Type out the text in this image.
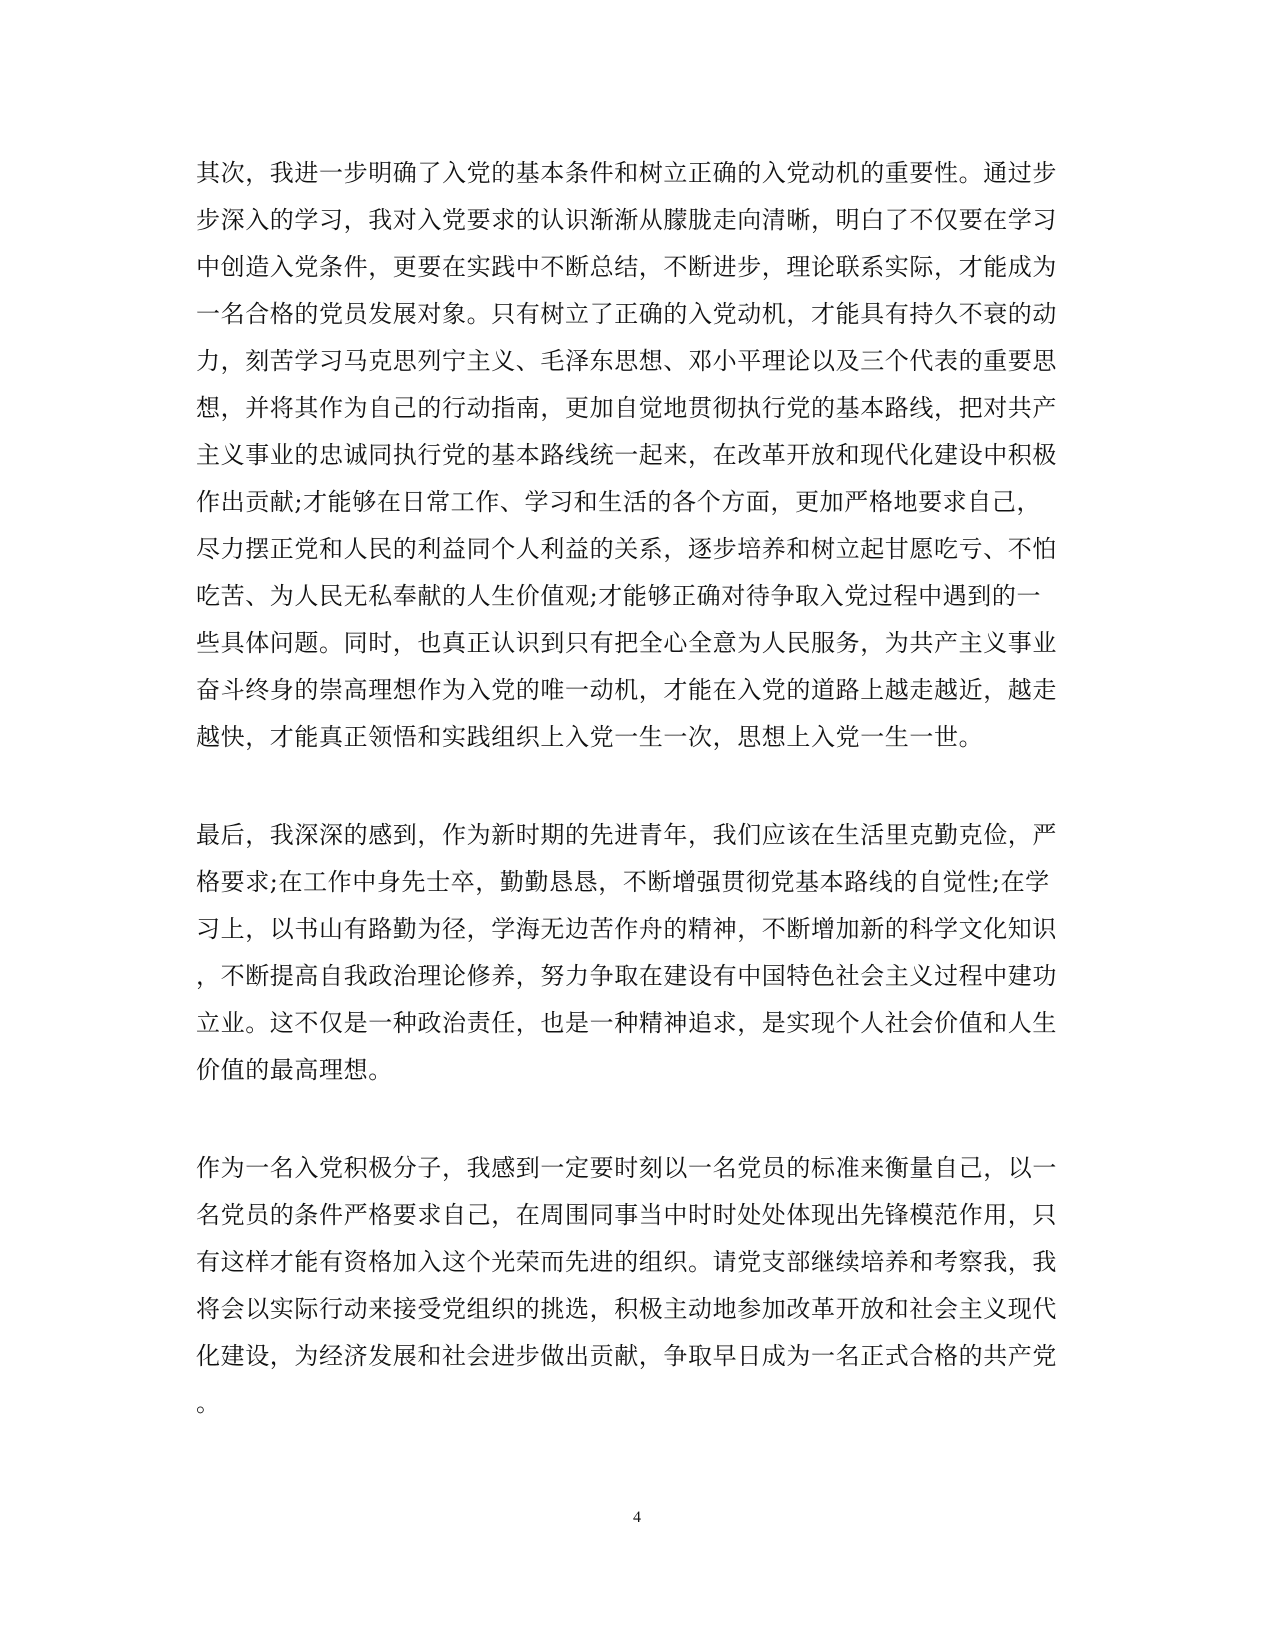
其次，我进一步明确了入党的基本条件和树立正确的入党动机的重要性。通过步
步深入的学习，我对入党要求的认识渐渐从朦胧走向清晰，明白了不仅要在学习
中创造入党条件，更要在实践中不断总结，不断进步，理论联系实际，才能成为
一名合格的党员发展对象。只有树立了正确的入党动机，才能具有持久不衰的动
力，刻苦学习马克思列宁主义、毛泽东思想、邓小平理论以及三个代表的重要思
想，并将其作为自己的行动指南，更加自觉地贯彻执行党的基本路线，把对共产
主义事业的忠诚同执行党的基本路线统一起来，在改革开放和现代化建设中积极
作出贡献;才能够在日常工作、学习和生活的各个方面，更加严格地要求自己，
尽力摆正党和人民的利益同个人利益的关系，逐步培养和树立起甘愿吃亏、不怕
吃苦、为人民无私奉献的人生价值观;才能够正确对待争取入党过程中遇到的一
些具体问题。同时，也真正认识到只有把全心全意为人民服务，为共产主义事业
奋斗终身的崇高理想作为入党的唯一动机，才能在入党的道路上越走越近，越走
越快，才能真正领悟和实践组织上入党一生一次，思想上入党一生一世。
最后，我深深的感到，作为新时期的先进青年，我们应该在生活里克勤克俭，严
格要求;在工作中身先士卒，勤勤恳恳，不断增强贯彻党基本路线的自觉性;在学
习上，以书山有路勤为径，学海无边苦作舟的精神，不断增加新的科学文化知识
，不断提高自我政治理论修养，努力争取在建设有中国特色社会主义过程中建功
立业。这不仅是一种政治责任，也是一种精神追求，是实现个人社会价值和人生
价值的最高理想。
作为一名入党积极分子，我感到一定要时刻以一名党员的标准来衡量自己，以一
名党员的条件严格要求自己，在周围同事当中时时处处体现出先锋模范作用，只
有这样才能有资格加入这个光荣而先进的组织。请党支部继续培养和考察我，我
将会以实际行动来接受党组织的挑选，积极主动地参加改革开放和社会主义现代
化建设，为经济发展和社会进步做出贡献，争取早日成为一名正式合格的共产党
。
4
